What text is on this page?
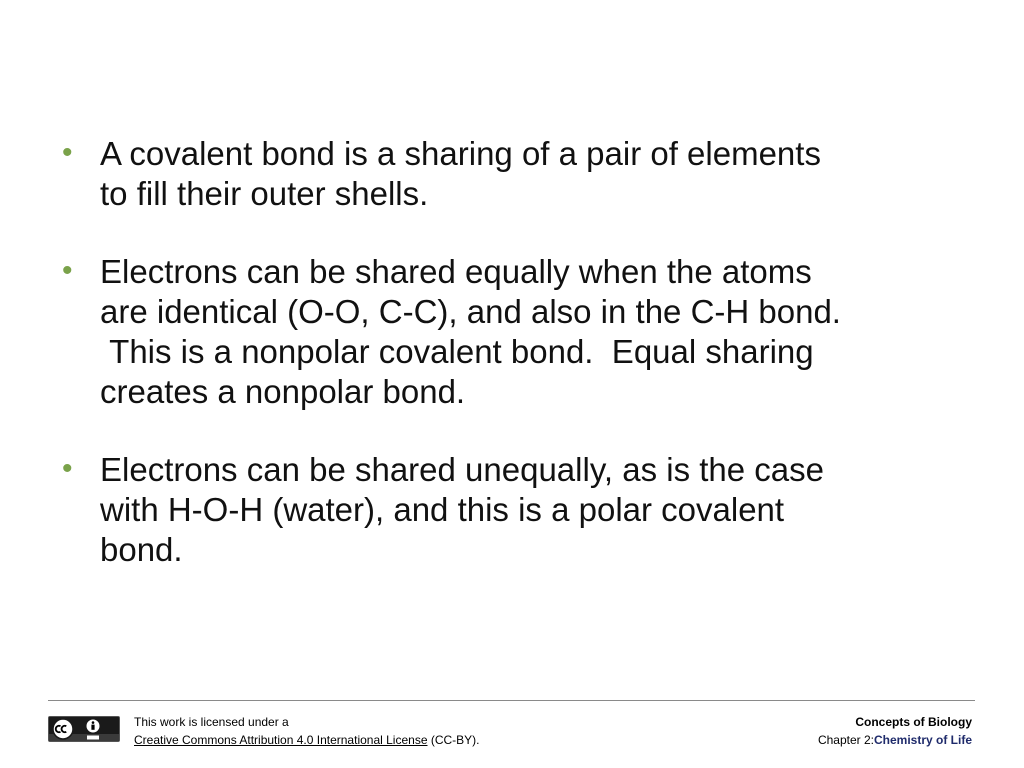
• A covalent bond is a sharing of a pair of elements
to fill their outer shells.
• Electrons can be shared equally when the atoms
are identical (O-O, C-C), and also in the C-H bond.
This is a nonpolar covalent bond.  Equal sharing
creates a nonpolar bond.
• Electrons can be shared unequally, as is the case
with H-O-H (water), and this is a polar covalent
bond.
This work is licensed under a
Creative Commons Attribution 4.0 International License (CC-BY).
Concepts of Biology
Chapter 2:Chemistry of Life
